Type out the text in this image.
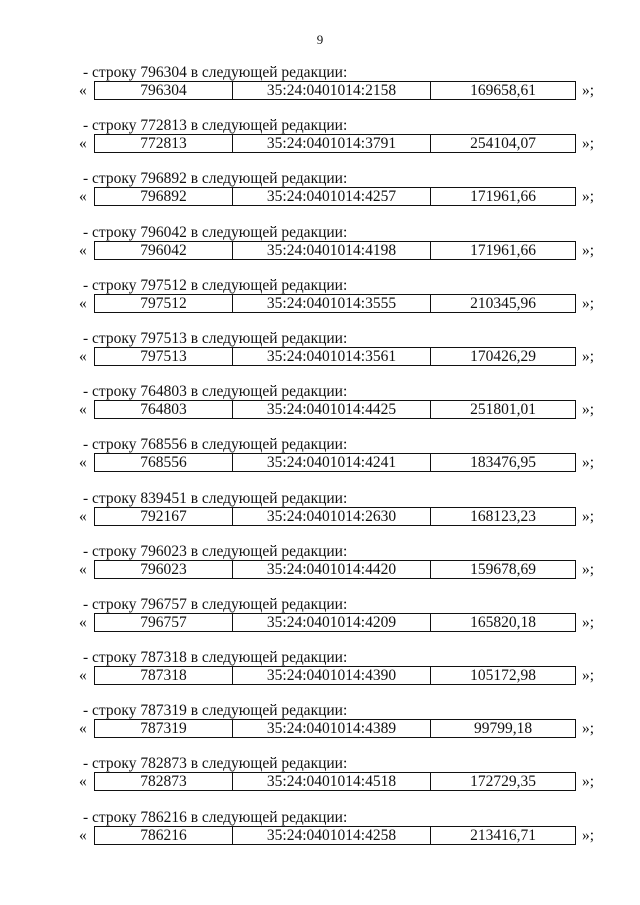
9
- строку 796304 в следующей редакции:
«	796304	35:24:0401014:2158	169658,61	»;
- строку 772813 в следующей редакции:
«	772813	35:24:0401014:3791	254104,07	»;
- строку 796892 в следующей редакции:
«	796892	35:24:0401014:4257	171961,66	»;
- строку 796042 в следующей редакции:
«	796042	35:24:0401014:4198	171961,66	»;
- строку 797512 в следующей редакции:
«	797512	35:24:0401014:3555	210345,96	»;
- строку 797513 в следующей редакции:
«	797513	35:24:0401014:3561	170426,29	»;
- строку 764803 в следующей редакции:
«	764803	35:24:0401014:4425	251801,01	»;
- строку 768556 в следующей редакции:
«	768556	35:24:0401014:4241	183476,95	»;
- строку 839451 в следующей редакции:
«	792167	35:24:0401014:2630	168123,23	»;
- строку 796023 в следующей редакции:
«	796023	35:24:0401014:4420	159678,69	»;
- строку 796757 в следующей редакции:
«	796757	35:24:0401014:4209	165820,18	»;
- строку 787318 в следующей редакции:
«	787318	35:24:0401014:4390	105172,98	»;
- строку 787319 в следующей редакции:
«	787319	35:24:0401014:4389	99799,18	»;
- строку 782873 в следующей редакции:
«	782873	35:24:0401014:4518	172729,35	»;
- строку 786216 в следующей редакции:
«	786216	35:24:0401014:4258	213416,71	»;
